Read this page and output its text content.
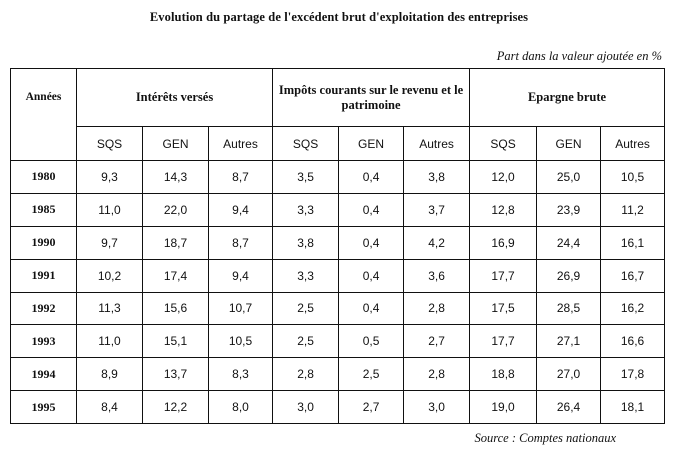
Evolution du partage de l'excédent brut d'exploitation des entreprises
Part dans la valeur ajoutée en %
Années	Intérêts versés			Impôts courants sur le revenu et le patrimoine			Epargne brute		
	SQS	GEN	Autres	SQS	GEN	Autres	SQS	GEN	Autres
1980	9,3	14,3	8,7	3,5	0,4	3,8	12,0	25,0	10,5
1985	11,0	22,0	9,4	3,3	0,4	3,7	12,8	23,9	11,2
1990	9,7	18,7	8,7	3,8	0,4	4,2	16,9	24,4	16,1
1991	10,2	17,4	9,4	3,3	0,4	3,6	17,7	26,9	16,7
1992	11,3	15,6	10,7	2,5	0,4	2,8	17,5	28,5	16,2
1993	11,0	15,1	10,5	2,5	0,5	2,7	17,7	27,1	16,6
1994	8,9	13,7	8,3	2,8	2,5	2,8	18,8	27,0	17,8
1995	8,4	12,2	8,0	3,0	2,7	3,0	19,0	26,4	18,1
Source : Comptes nationaux
